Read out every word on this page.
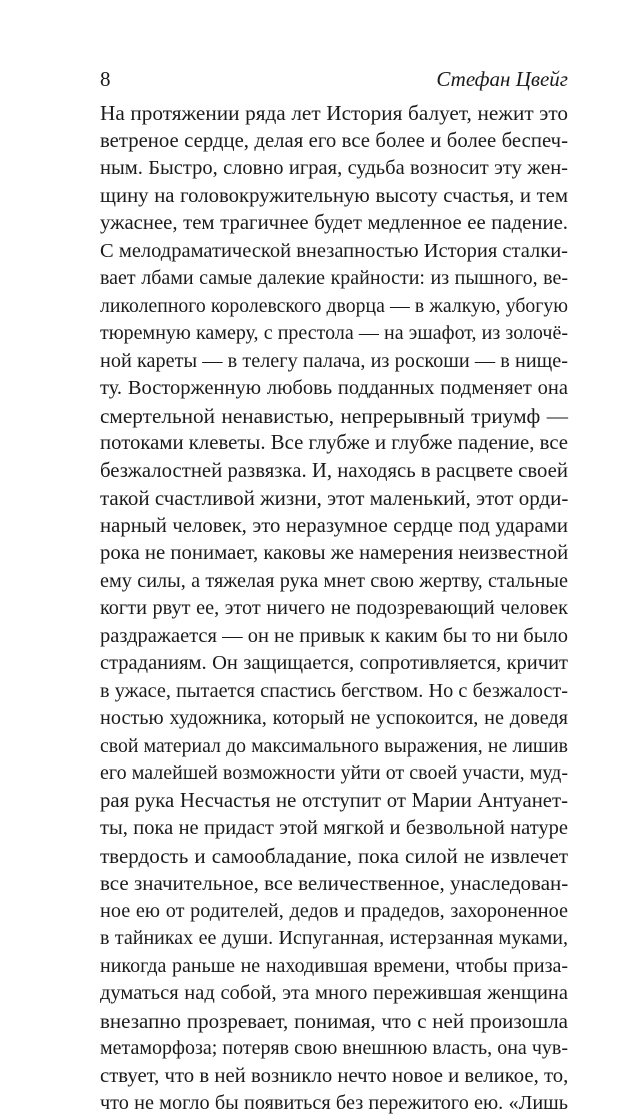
8	Стефан Цвейг
На протяжении ряда лет История балует, нежит это
ветреное сердце, делая его все более и более беспеч-
ным. Быстро, словно играя, судьба возносит эту жен-
щину на головокружительную высоту счастья, и тем
ужаснее, тем трагичнее будет медленное ее падение.
С мелодраматической внезапностью История сталки-
вает лбами самые далекие крайности: из пышного, ве-
ликолепного королевского дворца — в жалкую, убогую
тюремную камеру, с престола — на эшафот, из золочё-
ной кареты — в телегу палача, из роскоши — в нище-
ту. Восторженную любовь подданных подменяет она
смертельной ненавистью, непрерывный триумф —
потоками клеветы. Все глубже и глубже падение, все
безжалостней развязка. И, находясь в расцвете своей
такой счастливой жизни, этот маленький, этот орди-
нарный человек, это неразумное сердце под ударами
рока не понимает, каковы же намерения неизвестной
ему силы, а тяжелая рука мнет свою жертву, стальные
когти рвут ее, этот ничего не подозревающий человек
раздражается — он не привык к каким бы то ни было
страданиям. Он защищается, сопротивляется, кричит
в ужасе, пытается спастись бегством. Но с безжалост-
ностью художника, который не успокоится, не доведя
свой материал до максимального выражения, не лишив
его малейшей возможности уйти от своей участи, муд-
рая рука Несчастья не отступит от Марии Антуанет-
ты, пока не придаст этой мягкой и безвольной натуре
твердость и самообладание, пока силой не извлечет
все значительное, все величественное, унаследован-
ное ею от родителей, дедов и прадедов, захороненное
в тайниках ее души. Испуганная, истерзанная муками,
никогда раньше не находившая времени, чтобы призa-
думаться над собой, эта много пережившая женщина
внезапно прозревает, понимая, что с ней произошла
метаморфоза; потеряв свою внешнюю власть, она чув-
ствует, что в ней возникло нечто новое и великое, то,
что не могло бы появиться без пережитого ею. «Лишь
